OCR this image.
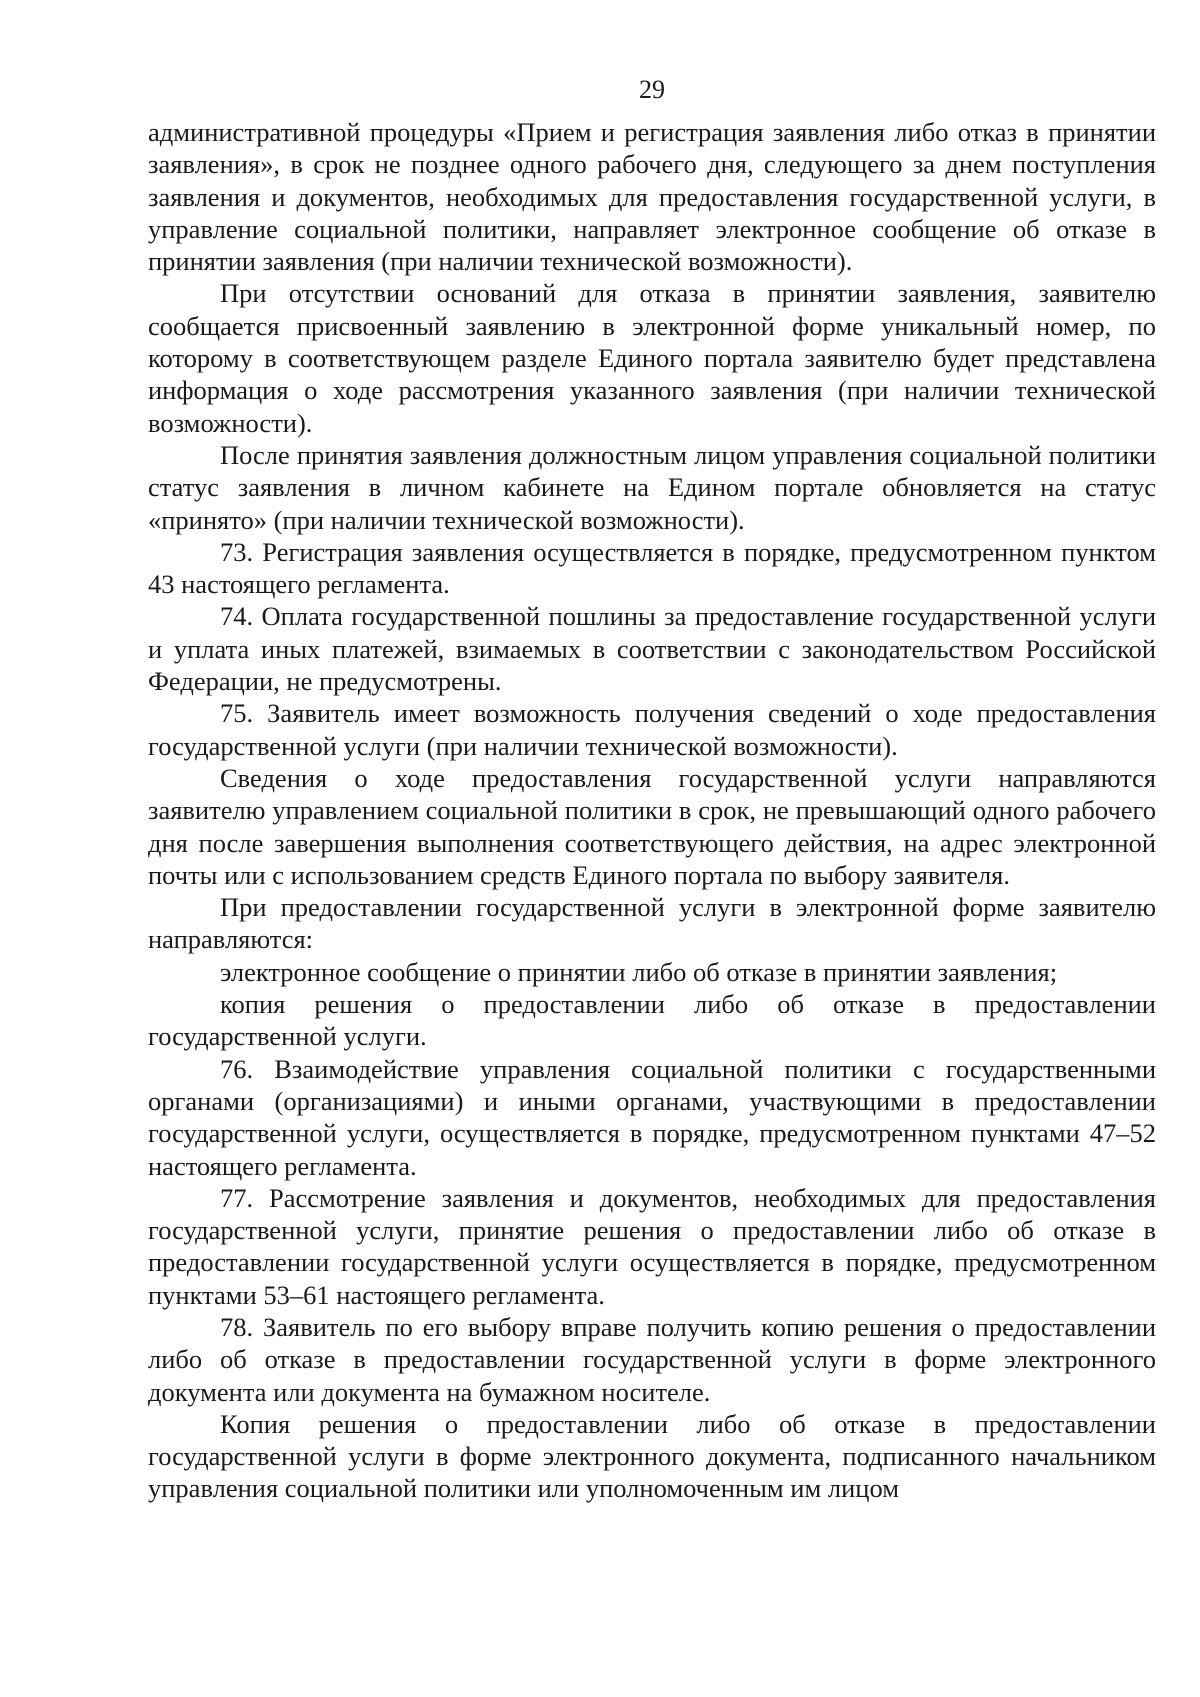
29

административной процедуры «Прием и регистрация заявления либо отказ в принятии заявления», в срок не позднее одного рабочего дня, следующего за днем поступления заявления и документов, необходимых для предоставления государственной услуги, в управление социальной политики, направляет электронное сообщение об отказе в принятии заявления (при наличии технической возможности).

При отсутствии оснований для отказа в принятии заявления, заявителю сообщается присвоенный заявлению в электронной форме уникальный номер, по которому в соответствующем разделе Единого портала заявителю будет представлена информация о ходе рассмотрения указанного заявления (при наличии технической возможности).

После принятия заявления должностным лицом управления социальной политики статус заявления в личном кабинете на Едином портале обновляется на статус «принято» (при наличии технической возможности).

73. Регистрация заявления осуществляется в порядке, предусмотренном пунктом 43 настоящего регламента.

74. Оплата государственной пошлины за предоставление государственной услуги и уплата иных платежей, взимаемых в соответствии с законодательством Российской Федерации, не предусмотрены.

75. Заявитель имеет возможность получения сведений о ходе предоставления государственной услуги (при наличии технической возможности).

Сведения о ходе предоставления государственной услуги направляются заявителю управлением социальной политики в срок, не превышающий одного рабочего дня после завершения выполнения соответствующего действия, на адрес электронной почты или с использованием средств Единого портала по выбору заявителя.

При предоставлении государственной услуги в электронной форме заявителю направляются:

электронное сообщение о принятии либо об отказе в принятии заявления;

копия решения о предоставлении либо об отказе в предоставлении государственной услуги.

76. Взаимодействие управления социальной политики с государственными органами (организациями) и иными органами, участвующими в предоставлении государственной услуги, осуществляется в порядке, предусмотренном пунктами 47–52 настоящего регламента.

77. Рассмотрение заявления и документов, необходимых для предоставления государственной услуги, принятие решения о предоставлении либо об отказе в предоставлении государственной услуги осуществляется в порядке, предусмотренном пунктами 53–61 настоящего регламента.

78. Заявитель по его выбору вправе получить копию решения о предоставлении либо об отказе в предоставлении государственной услуги в форме электронного документа или документа на бумажном носителе.

Копия решения о предоставлении либо об отказе в предоставлении государственной услуги в форме электронного документа, подписанного начальником управления социальной политики или уполномоченным им лицом
